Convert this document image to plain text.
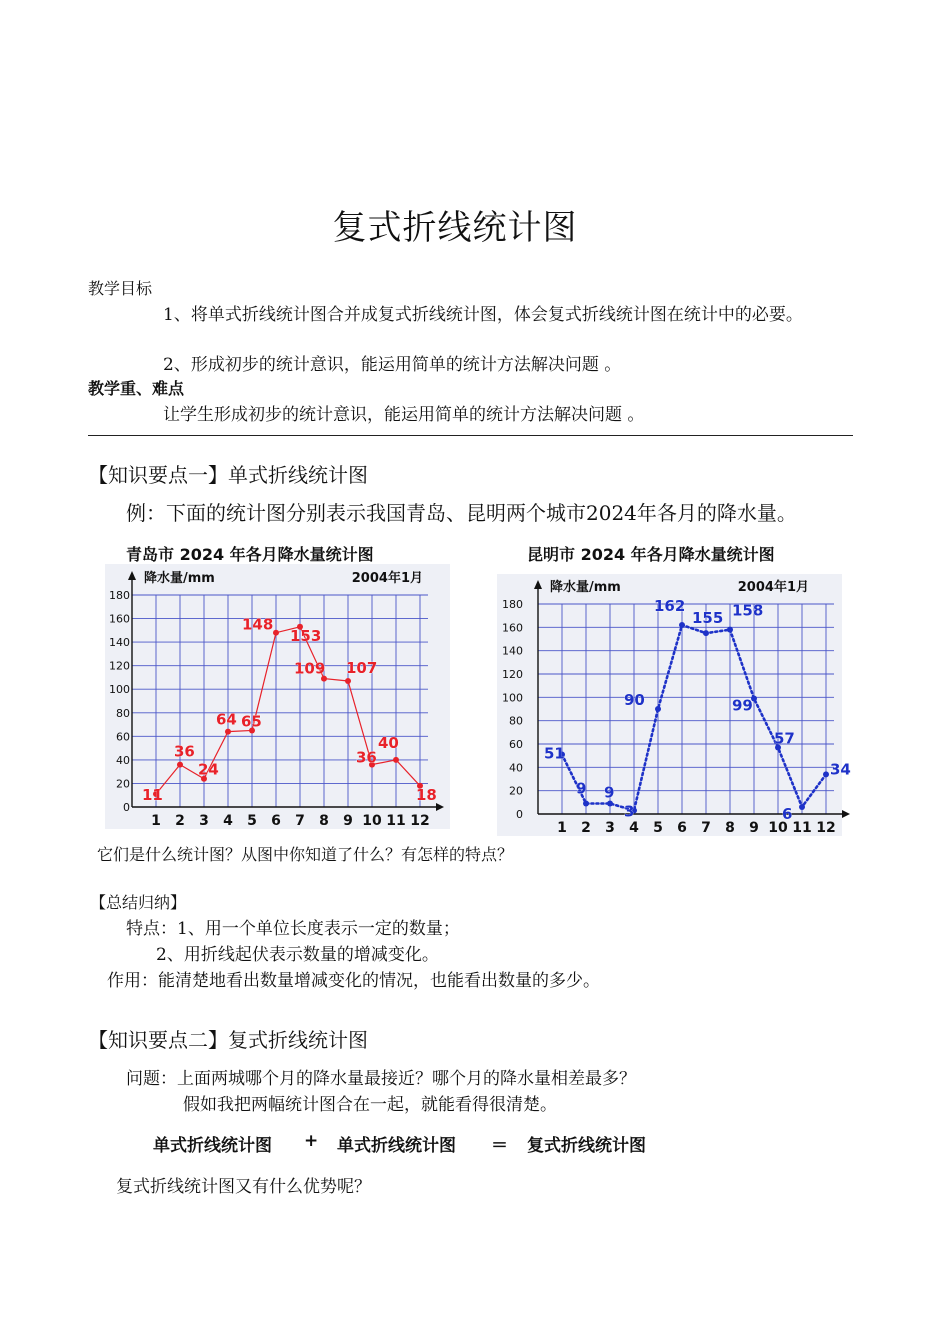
复式折线统计图
教学目标
1、将单式折线统计图合并成复式折线统计图，体会复式折线统计图在统计中的必要。
2、形成初步的统计意识，能运用简单的统计方法解决问题 。
教学重、难点
让学生形成初步的统计意识，能运用简单的统计方法解决问题 。
【知识要点一】单式折线统计图
例：下面的统计图分别表示我国青岛、昆明两个城市2024年各月的降水量。
青岛市 2024 年各月降水量统计图	昆明市 2024 年各月降水量统计图
0
20
40
60
80
100
120
140
160
180
1 2 3 4 5 6 7 8 9 10 11 12
降水量/mm	2004年1月
11
36
24
64 65
148
153
109 107
36
40
18
0
20
40
60
80
100
120
140
160
180
1 2 3 4 5 6 7 8 9 10 11 12
降水量/mm	2004年1月
51
9 9
3
90
162
155 158
99
57
6
34
它们是什么统计图？从图中你知道了什么？有怎样的特点？
【总结归纳】
特点：1、用一个单位长度表示一定的数量；
2、用折线起伏表示数量的增减变化。
作用：能清楚地看出数量增减变化的情况，也能看出数量的多少。
【知识要点二】复式折线统计图
问题：上面两城哪个月的降水量最接近？哪个月的降水量相差最多？
假如我把两幅统计图合在一起，就能看得很清楚。
单式折线统计图 + 单式折线统计图 ＝ 复式折线统计图
复式折线统计图又有什么优势呢？
